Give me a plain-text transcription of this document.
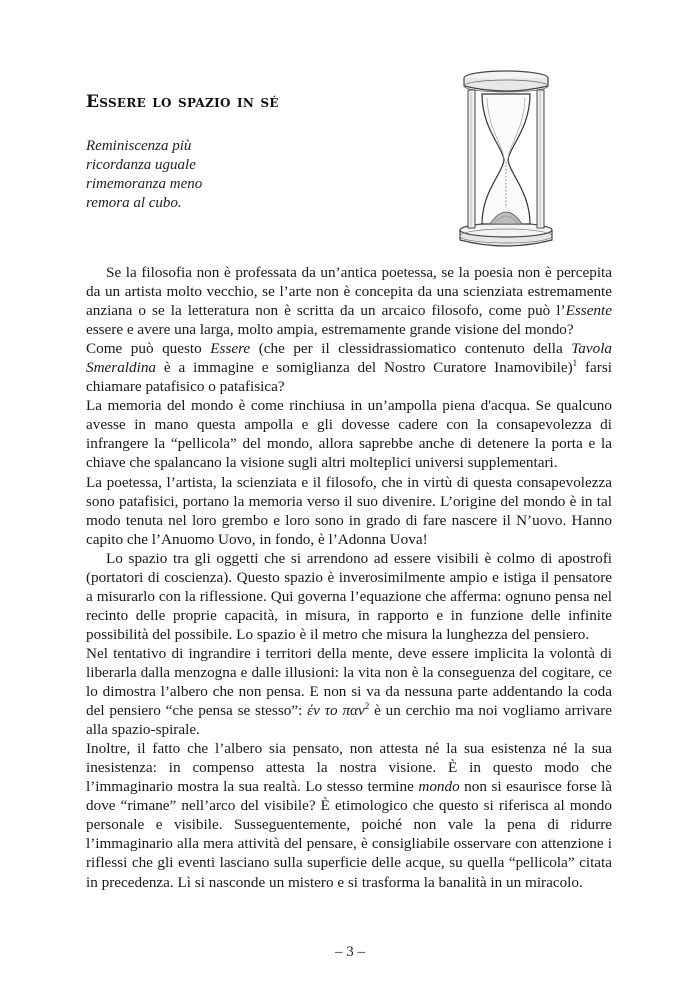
Essere lo spazio in sé
Reminiscenza più
ricordanza uguale
rimemoranza meno
remora al cubo.

Se la filosofia non è professata da un’antica poetessa, se la poesia non è percepita da un artista molto vecchio, se l’arte non è concepita da una scienziata estremamente anziana o se la letteratura non è scritta da un arcaico filosofo, come può l’Essente essere e avere una larga, molto ampia, estremamente grande visione del mondo?

Come può questo Essere (che per il clessidrassiomatico contenuto della Tavola Smeraldina è a immagine e somiglianza del Nostro Curatore Inamovibile)$^1$ farsi chiamare patafisico o patafisica?

La memoria del mondo è come rinchiusa in un’ampolla piena d'acqua. Se qualcuno avesse in mano questa ampolla e gli dovesse cadere con la consapevolezza di infrangere la “pellicola” del mondo, allora saprebbe anche di detenere la porta e la chiave che spalancano la visione sugli altri molteplici universi supplementari.

La poetessa, l’artista, la scienziata e il filosofo, che in virtù di questa consapevolezza sono patafisici, portano la memoria verso il suo divenire. L’origine del mondo è in tal modo tenuta nel loro grembo e loro sono in grado di fare nascere il N’uovo. Hanno capito che l’Anuomo Uovo, in fondo, è l’Adonna Uova!

Lo spazio tra gli oggetti che si arrendono ad essere visibili è colmo di apostrofi (portatori di coscienza). Questo spazio è inverosimilmente ampio e istiga il pensatore a misurarlo con la riflessione. Qui governa l’equazione che afferma: ognuno pensa nel recinto delle proprie capacità, in misura, in rapporto e in funzione delle infinite possibilità del possibile. Lo spazio è il metro che misura la lunghezza del pensiero.

Nel tentativo di ingrandire i territori della mente, deve essere implicita la volontà di liberarla dalla menzogna e dalle illusioni: la vita non è la conseguenza del cogitare, ce lo dimostra l’albero che non pensa. E non si va da nessuna parte addentando la coda del pensiero “che pensa se stesso”: έν το παν$^2$ è un cerchio ma noi vogliamo arrivare alla spazio-spirale.

Inoltre, il fatto che l’albero sia pensato, non attesta né la sua esistenza né la sua inesistenza: in compenso attesta la nostra visione. È in questo modo che l’immaginario mostra la sua realtà. Lo stesso termine mondo non si esaurisce forse là dove “rimane” nell’arco del visibile? È etimologico che questo si riferisca al mondo personale e visibile. Susseguentemente, poiché non vale la pena di ridurre l’immaginario alla mera attività del pensare, è consigliabile osservare con attenzione i riflessi che gli eventi lasciano sulla superficie delle acque, su quella “pellicola” citata in precedenza. Lì si nasconde un mistero e si trasforma la banalità in un miracolo.

– 3 –
